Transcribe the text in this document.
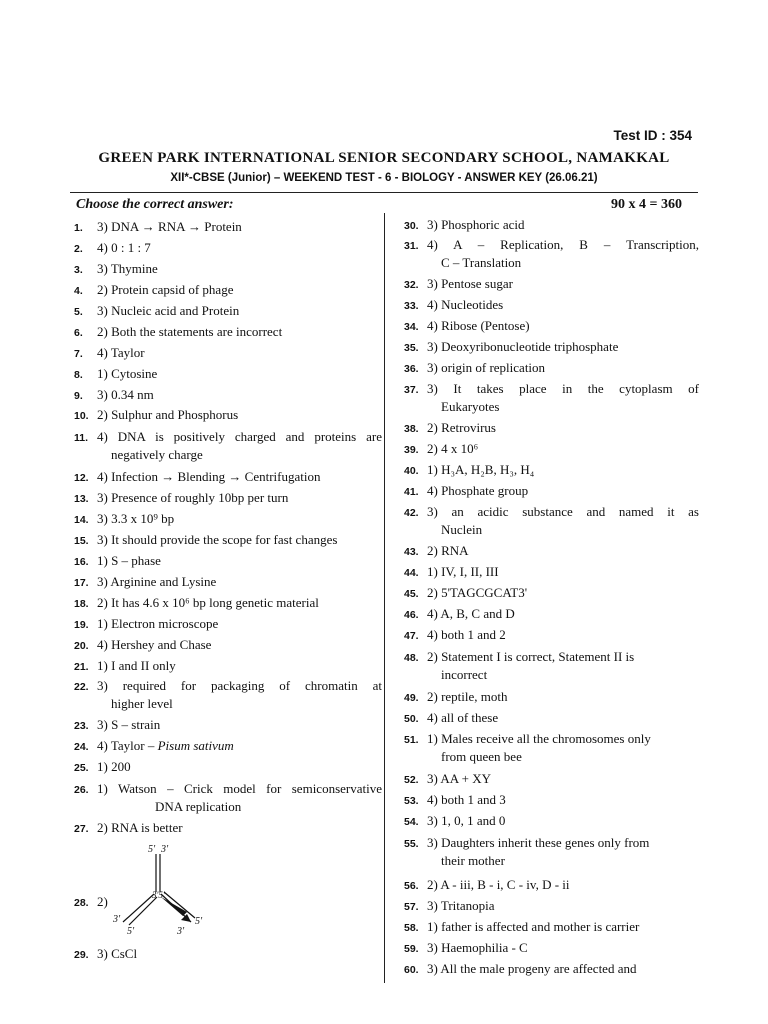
Test ID : 354
GREEN PARK INTERNATIONAL SENIOR SECONDARY SCHOOL, NAMAKKAL
XII*-CBSE (Junior) – WEEKEND TEST - 6 - BIOLOGY - ANSWER KEY (26.06.21)
Choose the correct answer:	90 x 4 = 360
1. 3) DNA → RNA → Protein
2. 4) 0 : 1 : 7
3. 3) Thymine
4. 2) Protein capsid of phage
5. 3) Nucleic acid and Protein
6. 2) Both the statements are incorrect
7. 4) Taylor
8. 1) Cytosine
9. 3) 0.34 nm
10. 2) Sulphur and Phosphorus
11. 4) DNA is positively charged and proteins are
negatively charge
12. 4) Infection → Blending → Centrifugation
13. 3) Presence of roughly 10bp per turn
14. 3) 3.3 x 10⁹ bp
15. 3) It should provide the scope for fast changes
16. 1) S – phase
17. 3) Arginine and Lysine
18. 2) It has 4.6 x 10⁶ bp long genetic material
19. 1) Electron microscope
20. 4) Hershey and Chase
21. 1) I and II only
22. 3) required for packaging of chromatin at
higher level
23. 3) S – strain
24. 4) Taylor – Pisum sativum
25. 1) 200
26. 1) Watson – Crick model for semiconservative
DNA replication
27. 2) RNA is better
28. 2)
29. 3) CsCl
30. 3) Phosphoric acid
31. 4) A – Replication, B – Transcription,
C – Translation
32. 3) Pentose sugar
33. 4) Nucleotides
34. 4) Ribose (Pentose)
35. 3) Deoxyribonucleotide triphosphate
36. 3) origin of replication
37. 3) It takes place in the cytoplasm of
Eukaryotes
38. 2) Retrovirus
39. 2) 4 x 10⁶
40. 1) H₃A, H₂B, H₃, H₄
41. 4) Phosphate group
42. 3) an acidic substance and named it as
Nuclein
43. 2) RNA
44. 1) IV, I, II, III
45. 2) 5'TAGCGCAT3'
46. 4) A, B, C and D
47. 4) both 1 and 2
48. 2) Statement I is correct, Statement II is
incorrect
49. 2) reptile, moth
50. 4) all of these
51. 1) Males receive all the chromosomes only
from queen bee
52. 3) AA + XY
53. 4) both 1 and 3
54. 3) 1, 0, 1 and 0
55. 3) Daughters inherit these genes only from
their mother
56. 2) A - iii, B - i, C - iv, D - ii
57. 3) Tritanopia
58. 1) father is affected and mother is carrier
59. 3) Haemophilia - C
60. 3) All the male progeny are affected and
5' 3'
3'5'
3'
5'	3'
5'
